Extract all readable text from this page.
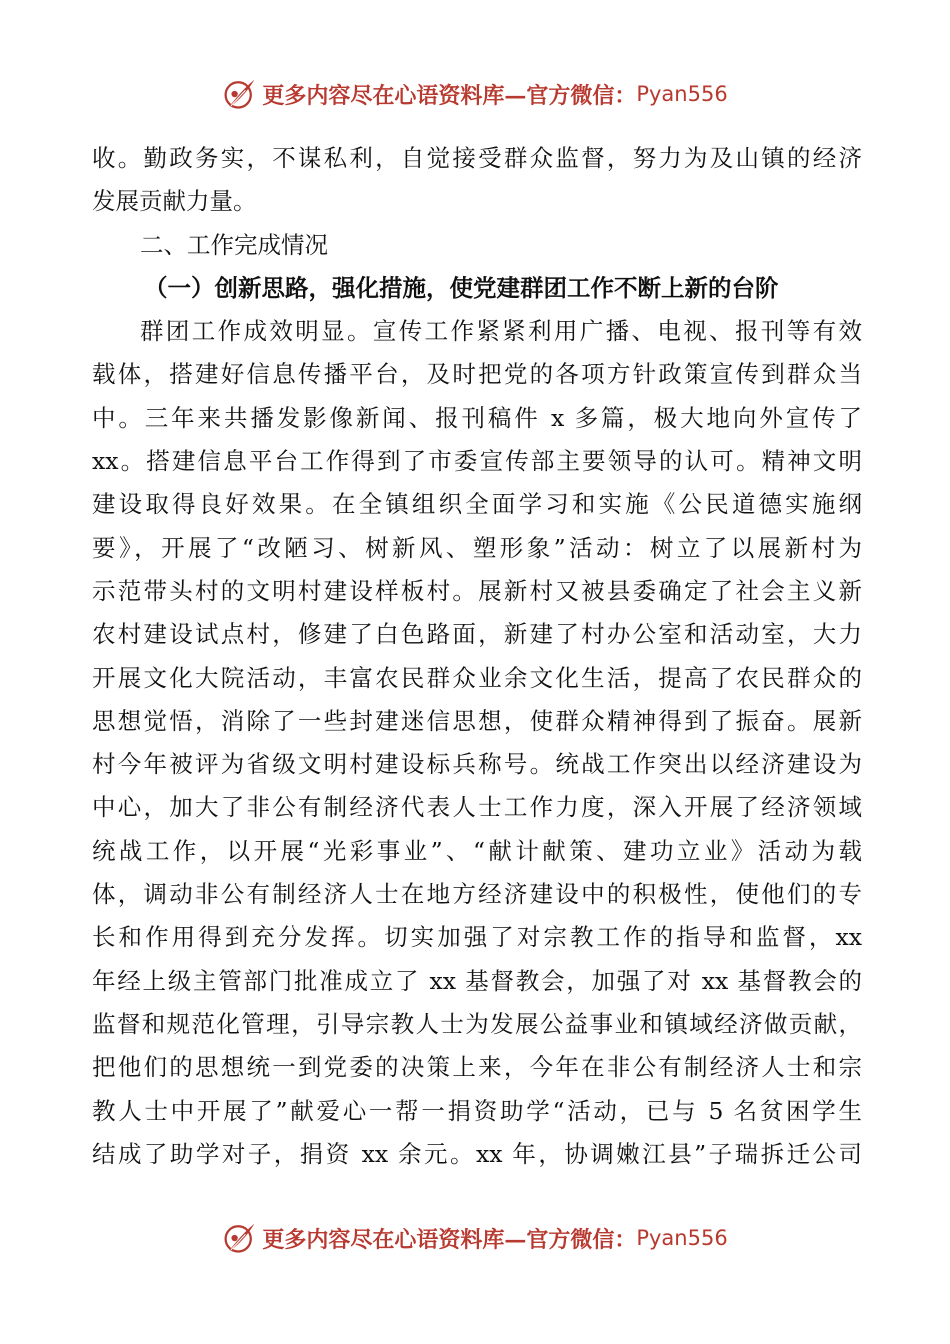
更多内容尽在心语资料库—官方微信： Pyan556
收。勤政务实，不谋私利，自觉接受群众监督，努力为及山镇的经济
发展贡献力量。
二、工作完成情况
（一）创新思路，强化措施，使党建群团工作不断上新的台阶
群团工作成效明显。宣传工作紧紧利用广播、电视、报刊等有效
载体，搭建好信息传播平台，及时把党的各项方针政策宣传到群众当
中。三年来共播发影像新闻、报刊稿件 x 多篇，极大地向外宣传了
xx。搭建信息平台工作得到了市委宣传部主要领导的认可。精神文明
建设取得良好效果。在全镇组织全面学习和实施《公民道德实施纲
要》，开展了“改陋习、树新风、塑形象”活动：树立了以展新村为
示范带头村的文明村建设样板村。展新村又被县委确定了社会主义新
农村建设试点村，修建了白色路面，新建了村办公室和活动室，大力
开展文化大院活动，丰富农民群众业余文化生活，提高了农民群众的
思想觉悟，消除了一些封建迷信思想，使群众精神得到了振奋。展新
村今年被评为省级文明村建设标兵称号。统战工作突出以经济建设为
中心，加大了非公有制经济代表人士工作力度，深入开展了经济领域
统战工作，以开展“光彩事业”、“献计献策、建功立业》活动为载
体，调动非公有制经济人士在地方经济建设中的积极性，使他们的专
长和作用得到充分发挥。切实加强了对宗教工作的指导和监督，xx
年经上级主管部门批准成立了 xx 基督教会，加强了对 xx 基督教会的
监督和规范化管理，引导宗教人士为发展公益事业和镇域经济做贡献，
把他们的思想统一到党委的决策上来，今年在非公有制经济人士和宗
教人士中开展了”献爱心一帮一捐资助学“活动，已与 5 名贫困学生
结成了助学对子，捐资 xx 余元。xx 年，协调嫩江县”子瑞拆迁公司
更多内容尽在心语资料库—官方微信： Pyan556
